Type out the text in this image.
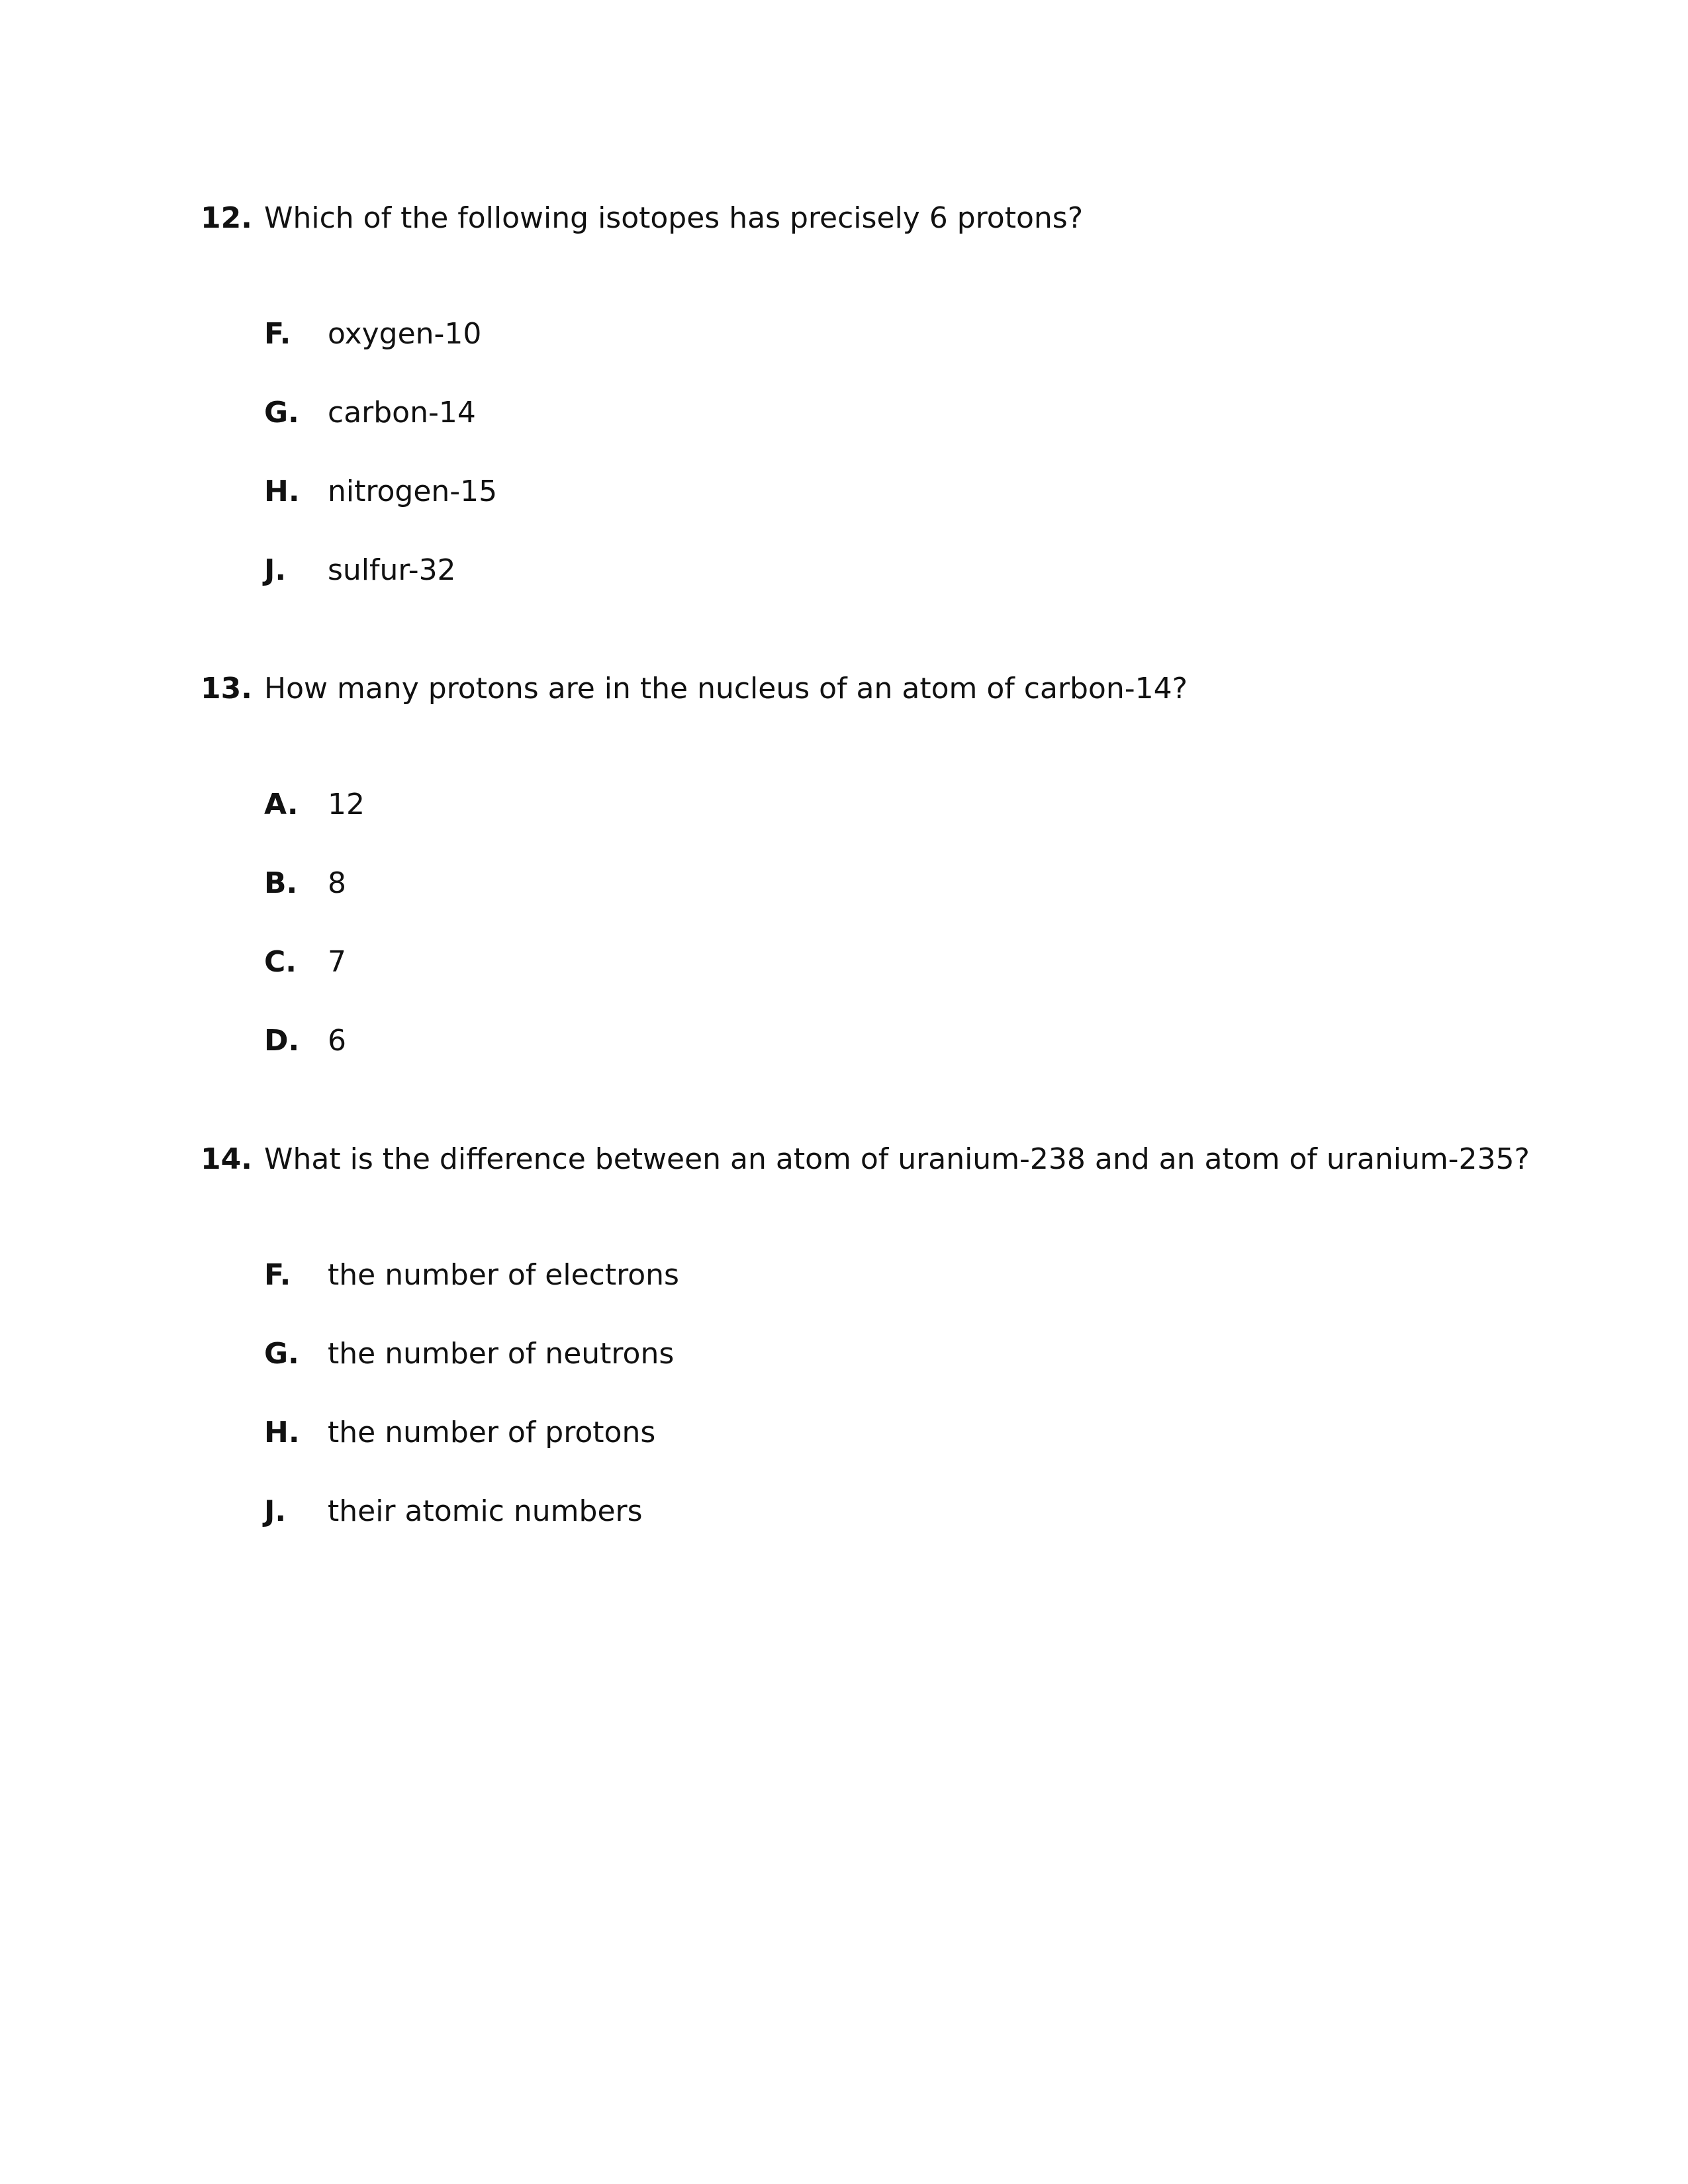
12. Which of the following isotopes has precisely 6 protons?
F. oxygen-10
G. carbon-14
H. nitrogen-15
J. sulfur-32
13. How many protons are in the nucleus of an atom of carbon-14?
A. 12
B. 8
C. 7
D. 6
14. What is the difference between an atom of uranium-238 and an atom of uranium-235?
F. the number of electrons
G. the number of neutrons
H. the number of protons
J. their atomic numbers
